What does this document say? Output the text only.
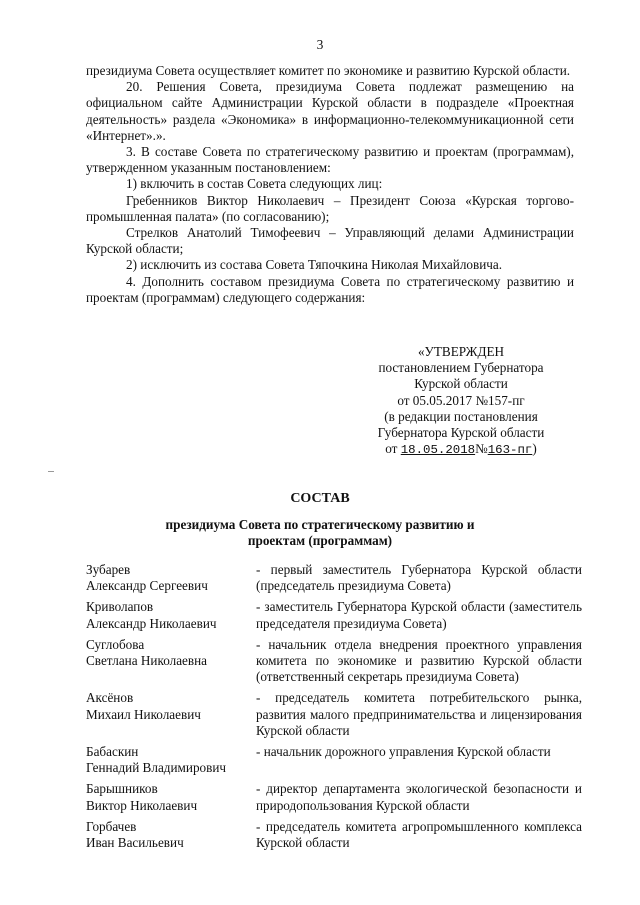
3

президиума Совета осуществляет комитет по экономике и развитию Курской области.

20. Решения Совета, президиума Совета подлежат размещению на официальном сайте Администрации Курской области в подразделе «Проектная деятельность» раздела «Экономика» в информационно-телекоммуникационной сети «Интернет».».

3. В составе Совета по стратегическому развитию и проектам (программам), утвержденном указанным постановлением:

1) включить в состав Совета следующих лиц:

Гребенников Виктор Николаевич – Президент Союза «Курская торгово-промышленная палата» (по согласованию);

Стрелков Анатолий Тимофеевич – Управляющий делами Администрации Курской области;

2) исключить из состава Совета Тяпочкина Николая Михайловича.

4. Дополнить составом президиума Совета по стратегическому развитию и проектам (программам) следующего содержания:

«УТВЕРЖДЕН
постановлением Губернатора
Курской области
от 05.05.2017 №157-пг
(в редакции постановления
Губернатора Курской области
от 18.05.2018№163-пг)
СОСТАВ
президиума Совета по стратегическому развитию и
проектам (программам)
Зубарев
Александр Сергеевич
- первый заместитель Губернатора Курской области (председатель президиума Совета)
Криволапов
Александр Николаевич
- заместитель Губернатора Курской области (заместитель председателя президиума Совета)
Суглобова
Светлана Николаевна
- начальник отдела внедрения проектного управления комитета по экономике и развитию Курской области (ответственный секретарь президиума Совета)
Аксёнов
Михаил Николаевич
- председатель комитета потребительского рынка, развития малого предпринимательства и лицензирования Курской области
Бабаскин
Геннадий Владимирович
- начальник дорожного управления Курской области
Барышников
Виктор Николаевич
- директор департамента экологической безопасности и природопользования Курской области
Горбачев
Иван Васильевич
- председатель комитета агропромышленного комплекса Курской области
